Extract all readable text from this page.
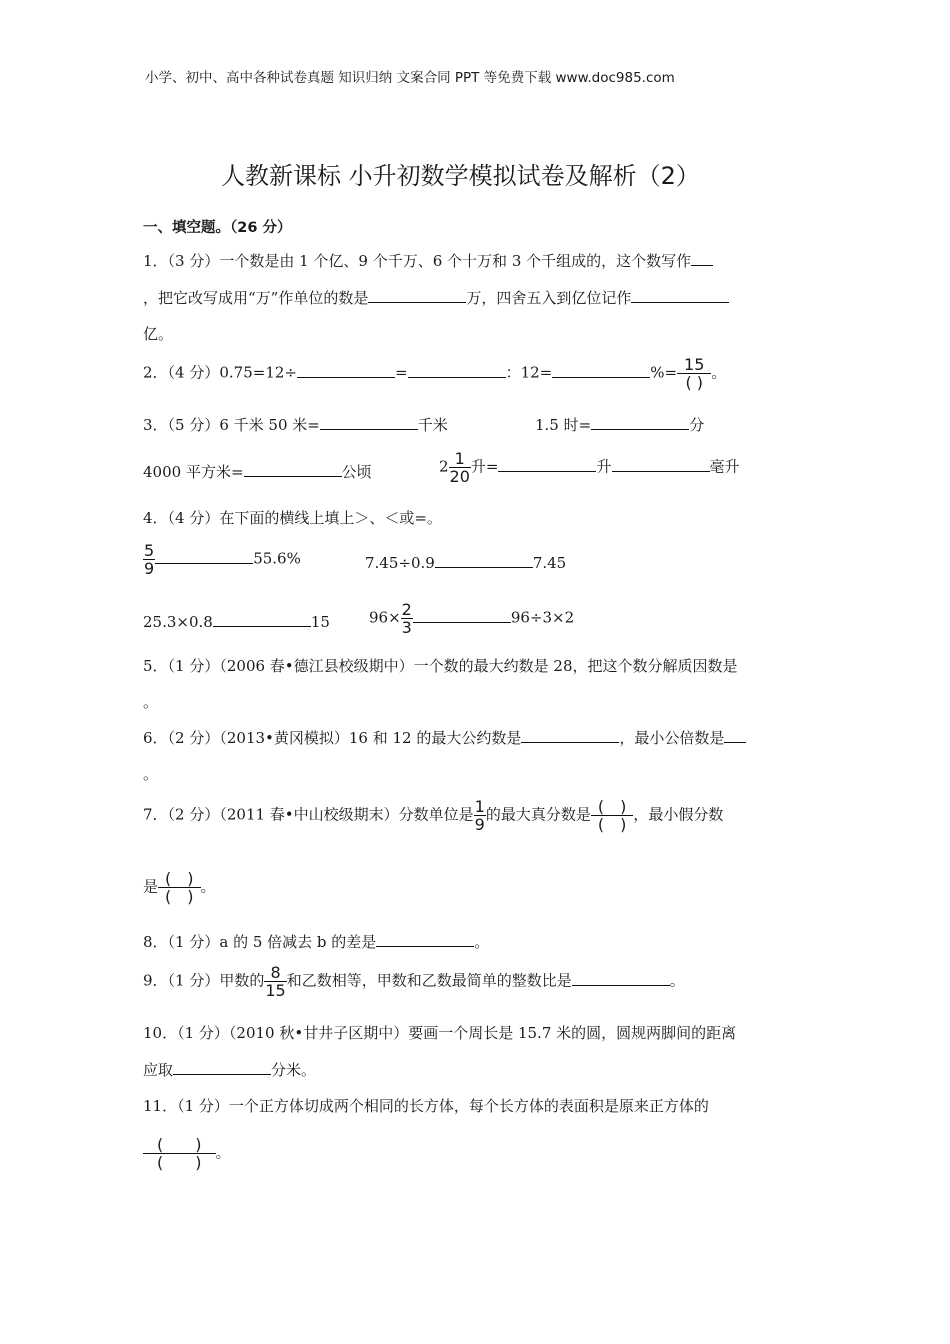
小学、初中、高中各种试卷真题 知识归纳 文案合同 PPT 等免费下载 www.doc985.com
人教新课标 小升初数学模拟试卷及解析（2）
一、填空题。（26 分）
1．（3 分）一个数是由 1 个亿、9 个千万、6 个十万和 3 个千组成的，这个数写作
，把它改写成用“万”作单位的数是	万，四舍五入到亿位记作
亿。
2．（4 分）0.75=12÷	=	：12=	%= $\frac{15}{( )}$ 。
3．（5 分）6 千米 50 米=	千米	1.5 时=	分
4000 平方米=	公顷	$2 \frac{1}{20}$ 升=	升	毫升
4．（4 分）在下面的横线上填上＞、＜或=。
$\frac{5}{9}$	55.6%	7.45÷0.9	7.45
25.3×0.8	15	$96\times \frac{2}{3}$	96÷3×2
5．（1 分）（2006 春•德江县校级期中）一个数的最大约数是 28，把这个数分解质因数是
。
6．（2 分）（2013•黄冈模拟）16 和 12 的最大公约数是	，最小公倍数是
。
7．（2 分）（2011 春•中山校级期末）分数单位是 $\frac{1}{9}$ 的最大真分数是 $\frac{( )}{( )}$ ，最小假分数
是 $\frac{( )}{( )}$ 。
8．（1 分）a 的 5 倍减去 b 的差是	。
9．（1 分）甲数的 $\frac{8}{15}$ 和乙数相等，甲数和乙数最简单的整数比是	。
10．（1 分）（2010 秋•甘井子区期中）要画一个周长是 15.7 米的圆，圆规两脚间的距离
应取	分米。
11．（1 分）一个正方体切成两个相同的长方体，每个长方体的表面积是原来正方体的
$\frac{( )}{( )}$ 。
